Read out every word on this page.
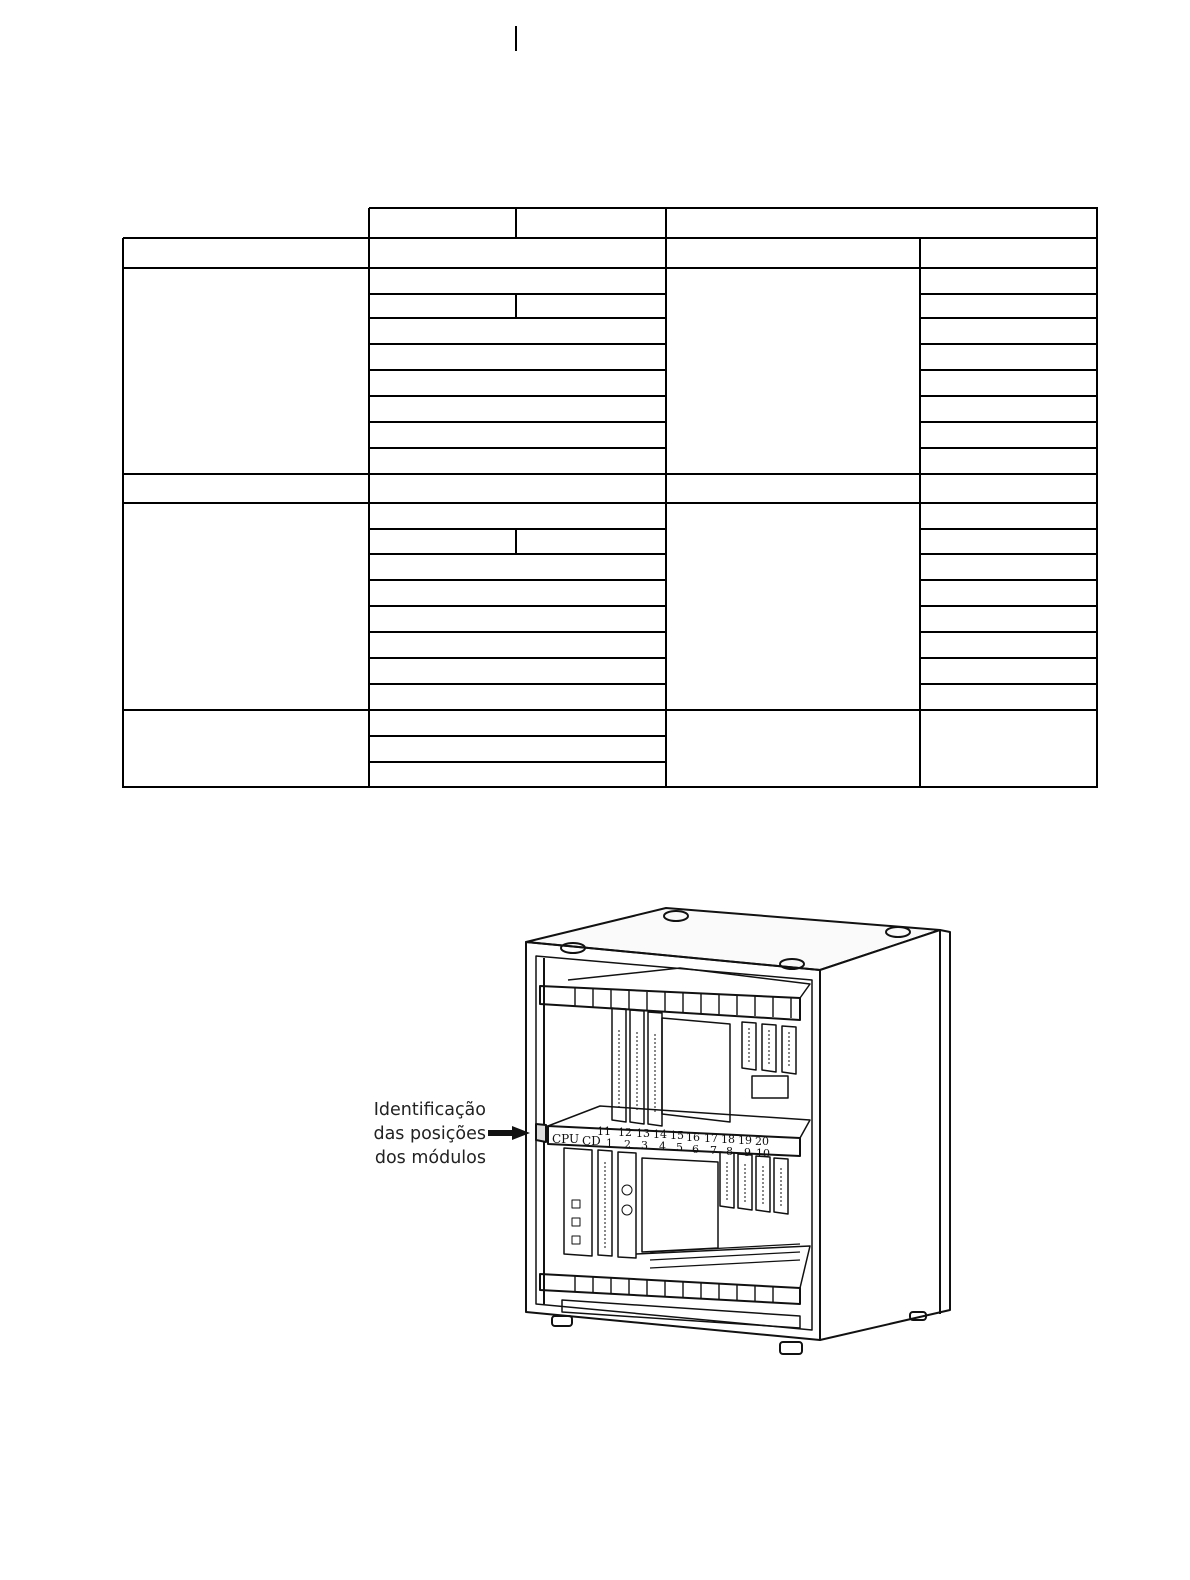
Identificação
das posições
dos módulos
CPU CD
11 12 13 14 15 16 17 18 19 20
1 2 3 4 5 6 7 8 9 10
